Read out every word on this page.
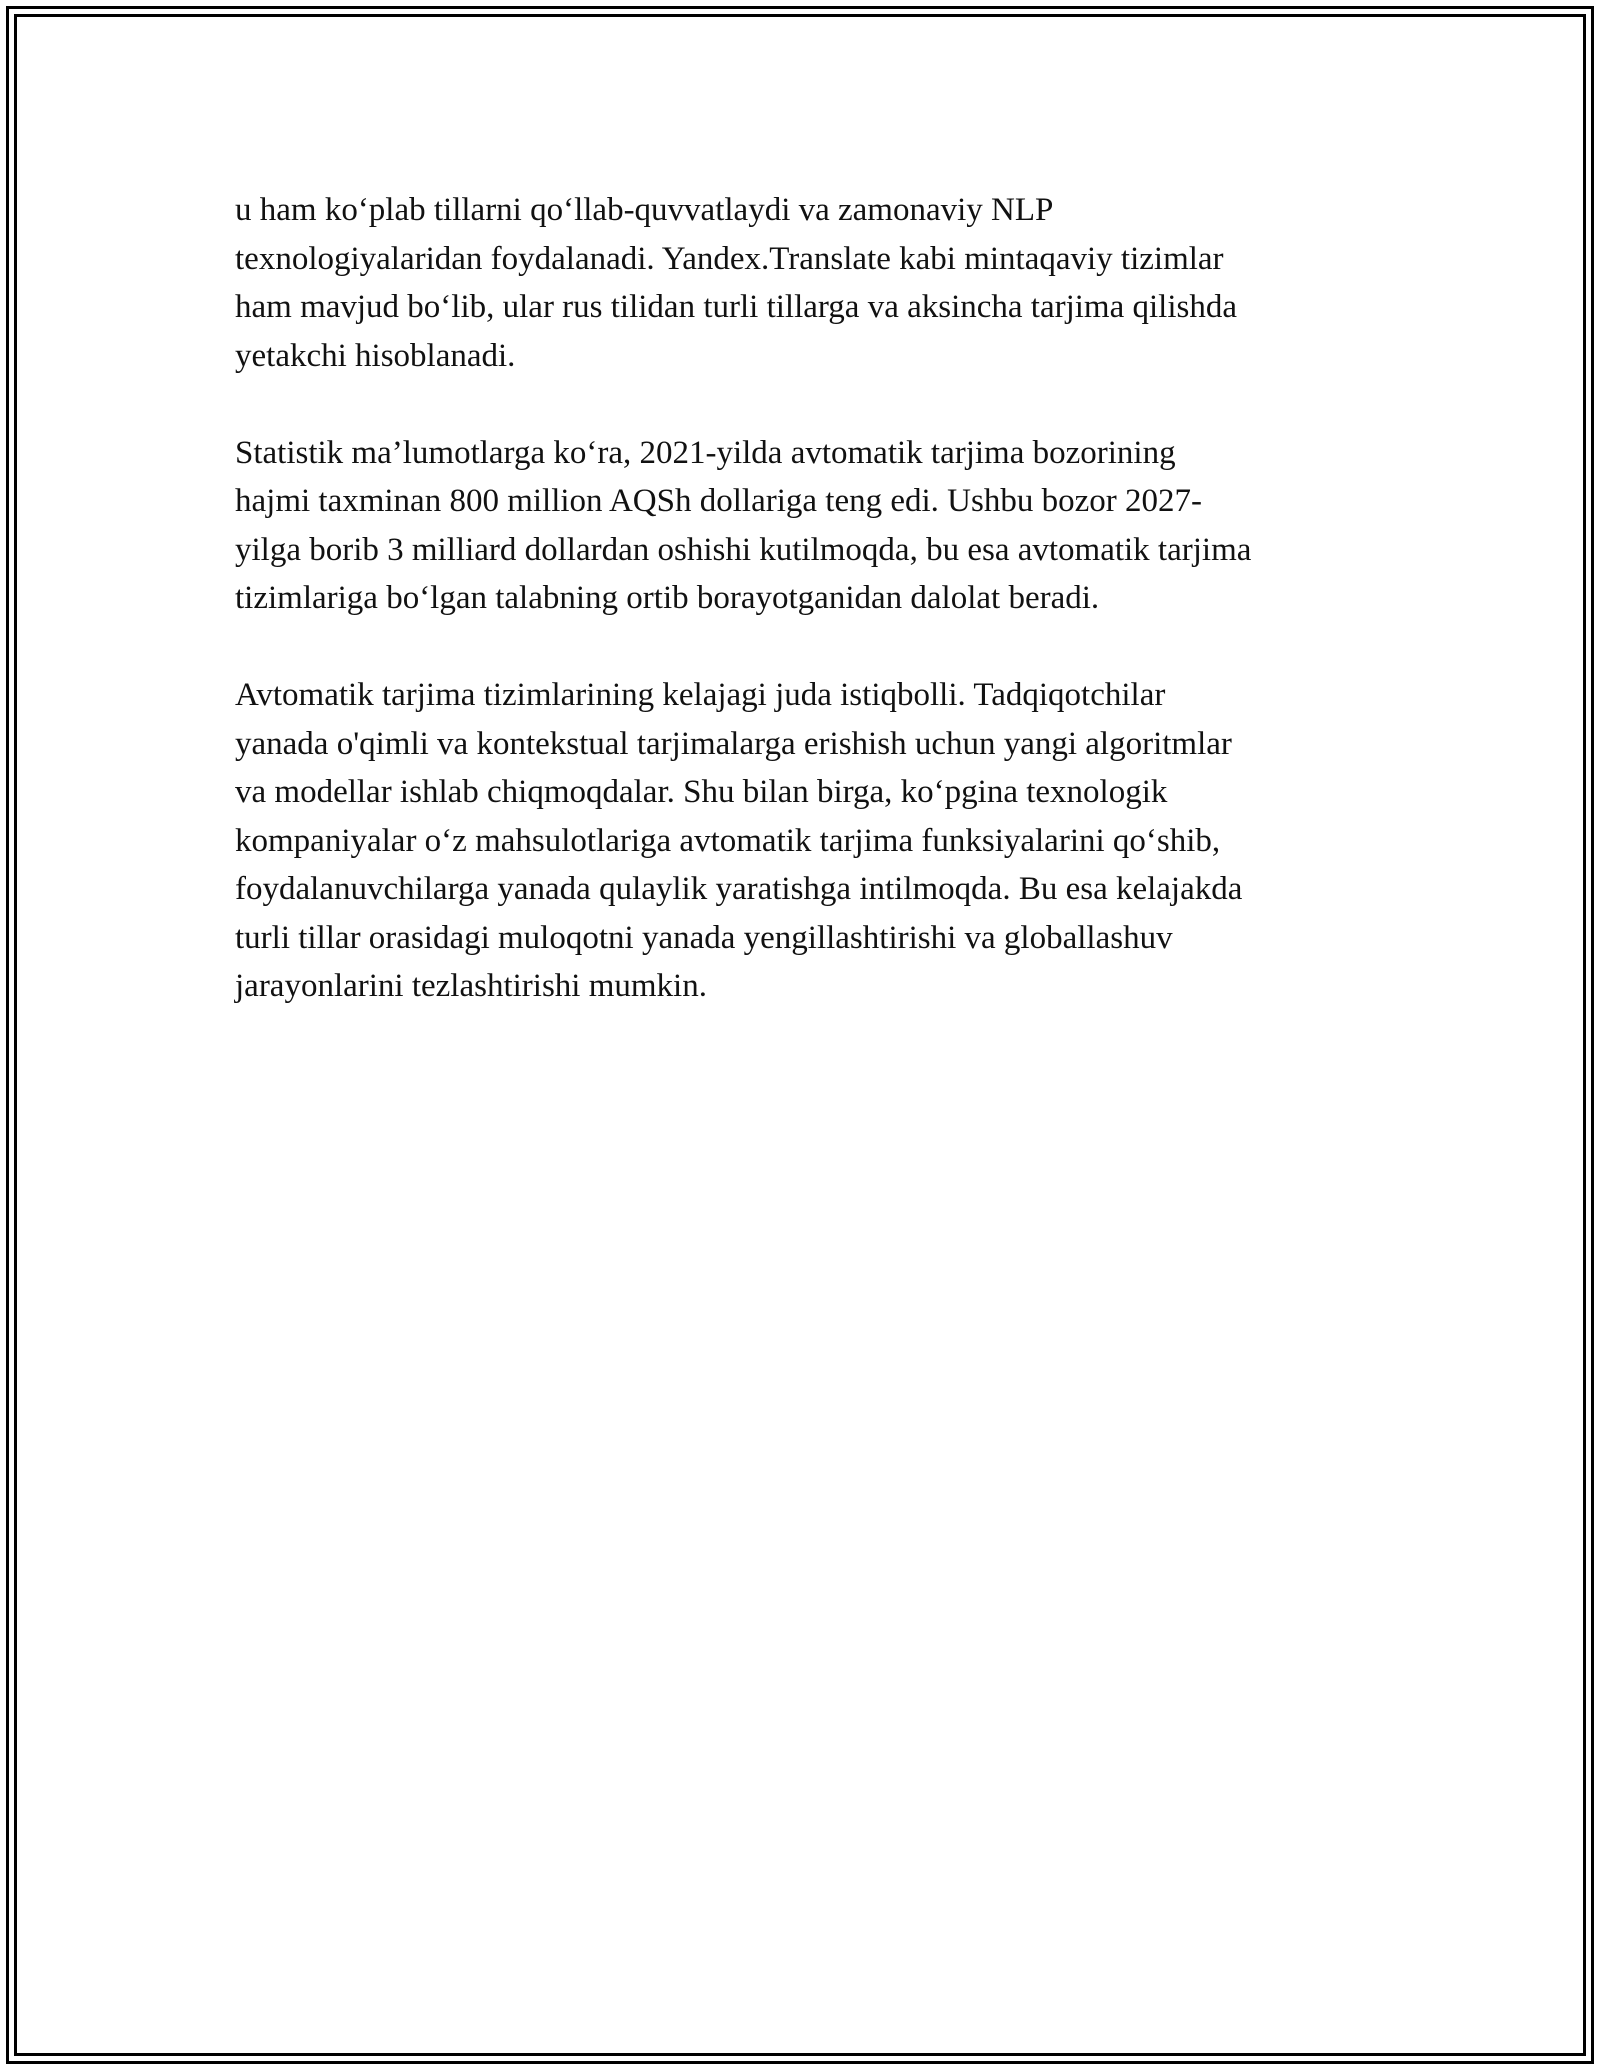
u ham ko‘plab tillarni qo‘llab-quvvatlaydi va zamonaviy NLP
texnologiyalaridan foydalanadi. Yandex.Translate kabi mintaqaviy tizimlar
ham mavjud bo‘lib, ular rus tilidan turli tillarga va aksincha tarjima qilishda
yetakchi hisoblanadi.

Statistik ma’lumotlarga ko‘ra, 2021-yilda avtomatik tarjima bozorining
hajmi taxminan 800 million AQSh dollariga teng edi. Ushbu bozor 2027-
yilga borib 3 milliard dollardan oshishi kutilmoqda, bu esa avtomatik tarjima
tizimlariga bo‘lgan talabning ortib borayotganidan dalolat beradi.

Avtomatik tarjima tizimlarining kelajagi juda istiqbolli. Tadqiqotchilar
yanada o'qimli va kontekstual tarjimalarga erishish uchun yangi algoritmlar
va modellar ishlab chiqmoqdalar. Shu bilan birga, ko‘pgina texnologik
kompaniyalar o‘z mahsulotlariga avtomatik tarjima funksiyalarini qo‘shib,
foydalanuvchilarga yanada qulaylik yaratishga intilmoqda. Bu esa kelajakda
turli tillar orasidagi muloqotni yanada yengillashtirishi va globallashuv
jarayonlarini tezlashtirishi mumkin.
